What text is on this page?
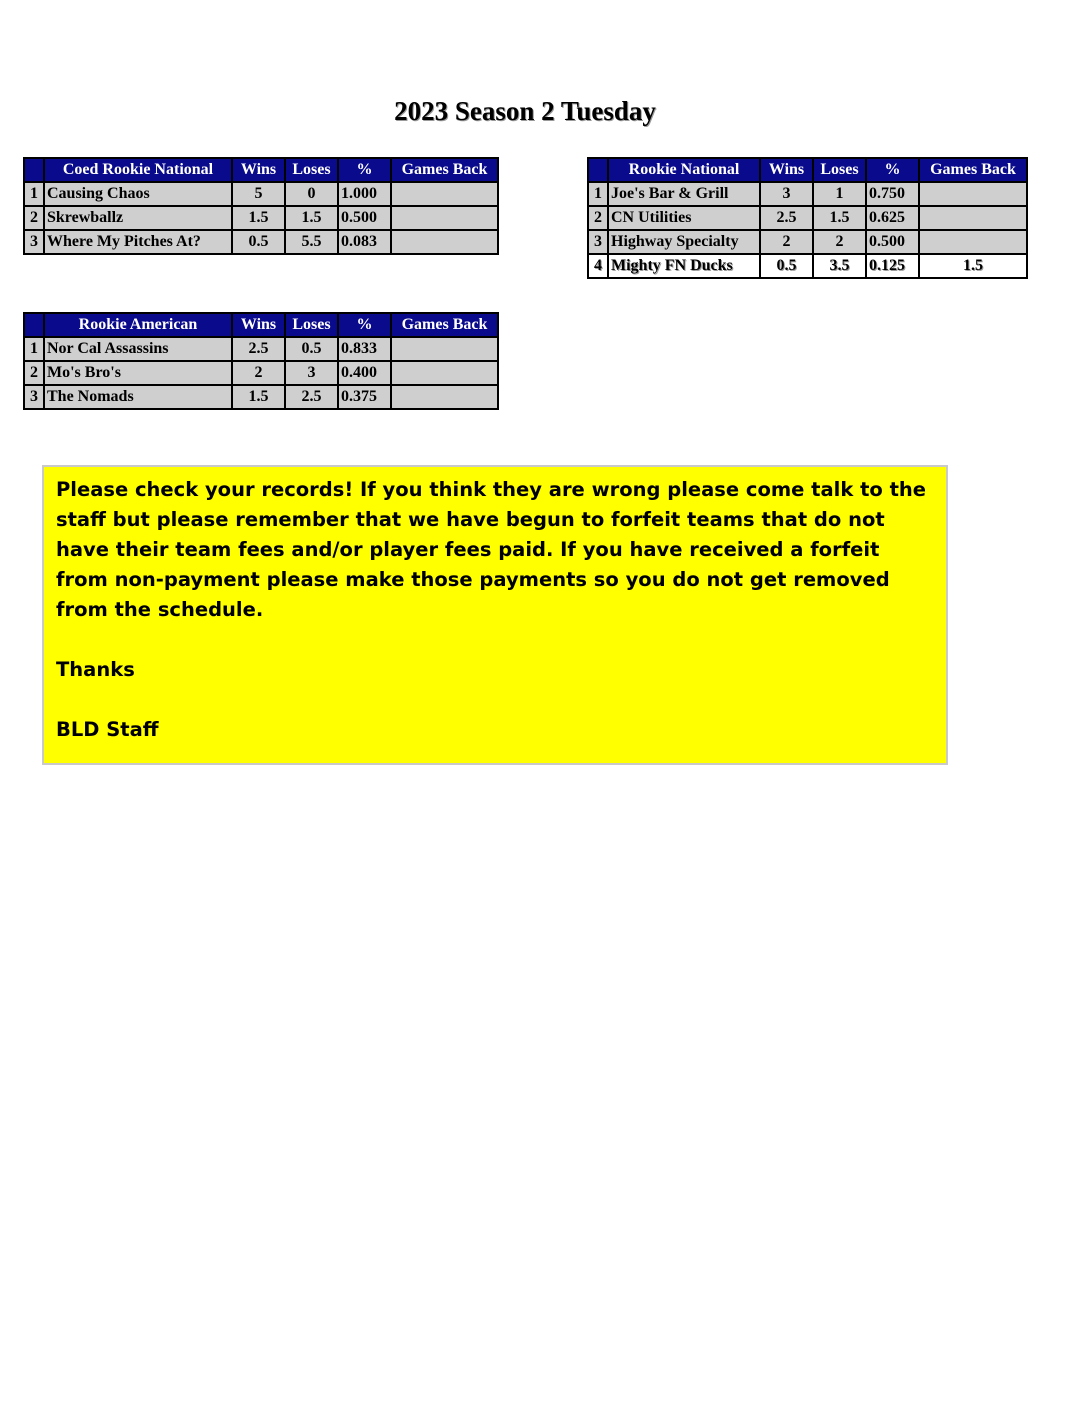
2023 Season 2 Tuesday
	Coed Rookie National	Wins	Loses	%	Games Back
1	Causing Chaos	5	0	1.000	
2	Skrewballz	1.5	1.5	0.500	
3	Where My Pitches At?	0.5	5.5	0.083	
	Rookie National	Wins	Loses	%	Games Back
1	Joe's Bar & Grill	3	1	0.750	
2	CN Utilities	2.5	1.5	0.625	
3	Highway Specialty	2	2	0.500	
4	Mighty FN Ducks	0.5	3.5	0.125	1.5
	Rookie American	Wins	Loses	%	Games Back
1	Nor Cal Assassins	2.5	0.5	0.833	
2	Mo's Bro's	2	3	0.400	
3	The Nomads	1.5	2.5	0.375	

Please check your records! If you think they are wrong please come talk to the staff but please remember that we have begun to forfeit teams that do not have their team fees and/or player fees paid. If you have received a forfeit from non-payment please make those payments so you do not get removed from the schedule.

Thanks

BLD Staff
